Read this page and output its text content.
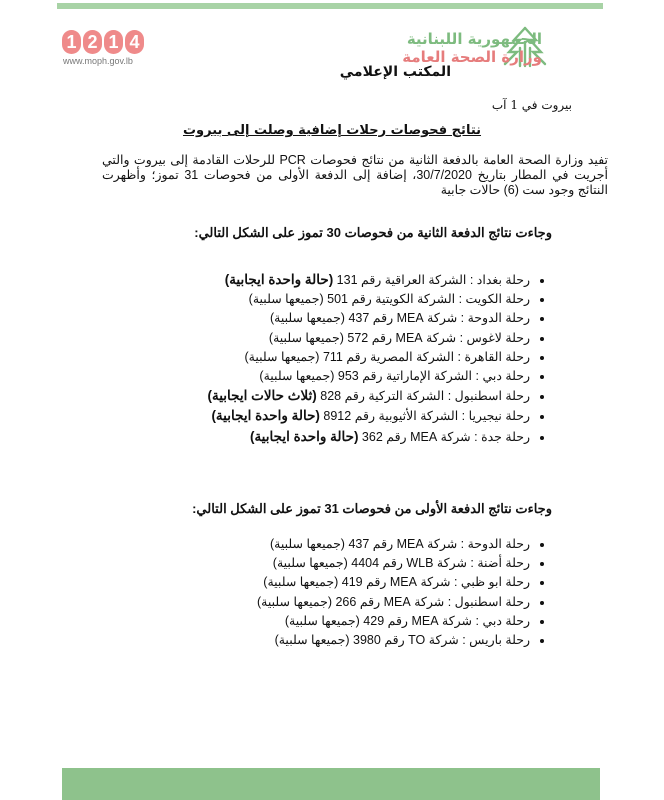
1 2 1 4
www.moph.gov.lb
الجمهورية اللبنانية
وزارة الصحة العامة
المكتب الإعلامي
بيروت في 1 آب
نتائج فحوصات رحلات إضافية وصلت إلى بيروت
تفيد وزارة الصحة العامة بالدفعة الثانية من نتائج فحوصات PCR للرحلات القادمة إلى بيروت والتي أجريت في المطار بتاريخ 30/7/2020، إضافة إلى الدفعة الأولى من فحوصات 31 تموز؛ وأظهرت النتائج وجود ست (6) حالات جابية
وجاءت نتائج الدفعة الثانية من فحوصات 30 تموز على الشكل التالي:
• رحلة بغداد : الشركة العراقية رقم 131 (حالة واحدة ايجابية)
• رحلة الكويت : الشركة الكويتية رقم 501 (جميعها سلبية)
• رحلة الدوحة : شركة MEA رقم 437 (جميعها سلبية)
• رحلة لاغوس : شركة MEA رقم 572 (جميعها سلبية)
• رحلة القاهرة : الشركة المصرية رقم 711 (جميعها سلبية)
• رحلة دبي : الشركة الإماراتية رقم 953 (جميعها سلبية)
• رحلة اسطنبول : الشركة التركية رقم 828 (ثلاث حالات ايجابية)
• رحلة نيجيريا : الشركة الأثيوبية رقم 8912 (حالة واحدة ايجابية)
• رحلة جدة : شركة MEA رقم 362 (حالة واحدة ايجابية)
وجاءت نتائج الدفعة الأولى من فحوصات 31 تموز على الشكل التالي:
• رحلة الدوحة : شركة MEA رقم 437 (جميعها سلبية)
• رحلة أضنة : شركة WLB رقم 4404 (جميعها سلبية)
• رحلة ابو ظبي : شركة MEA رقم 419 (جميعها سلبية)
• رحلة اسطنبول : شركة MEA رقم 266 (جميعها سلبية)
• رحلة دبي : شركة MEA رقم 429 (جميعها سلبية)
• رحلة باريس : شركة TO رقم 3980 (جميعها سلبية)
